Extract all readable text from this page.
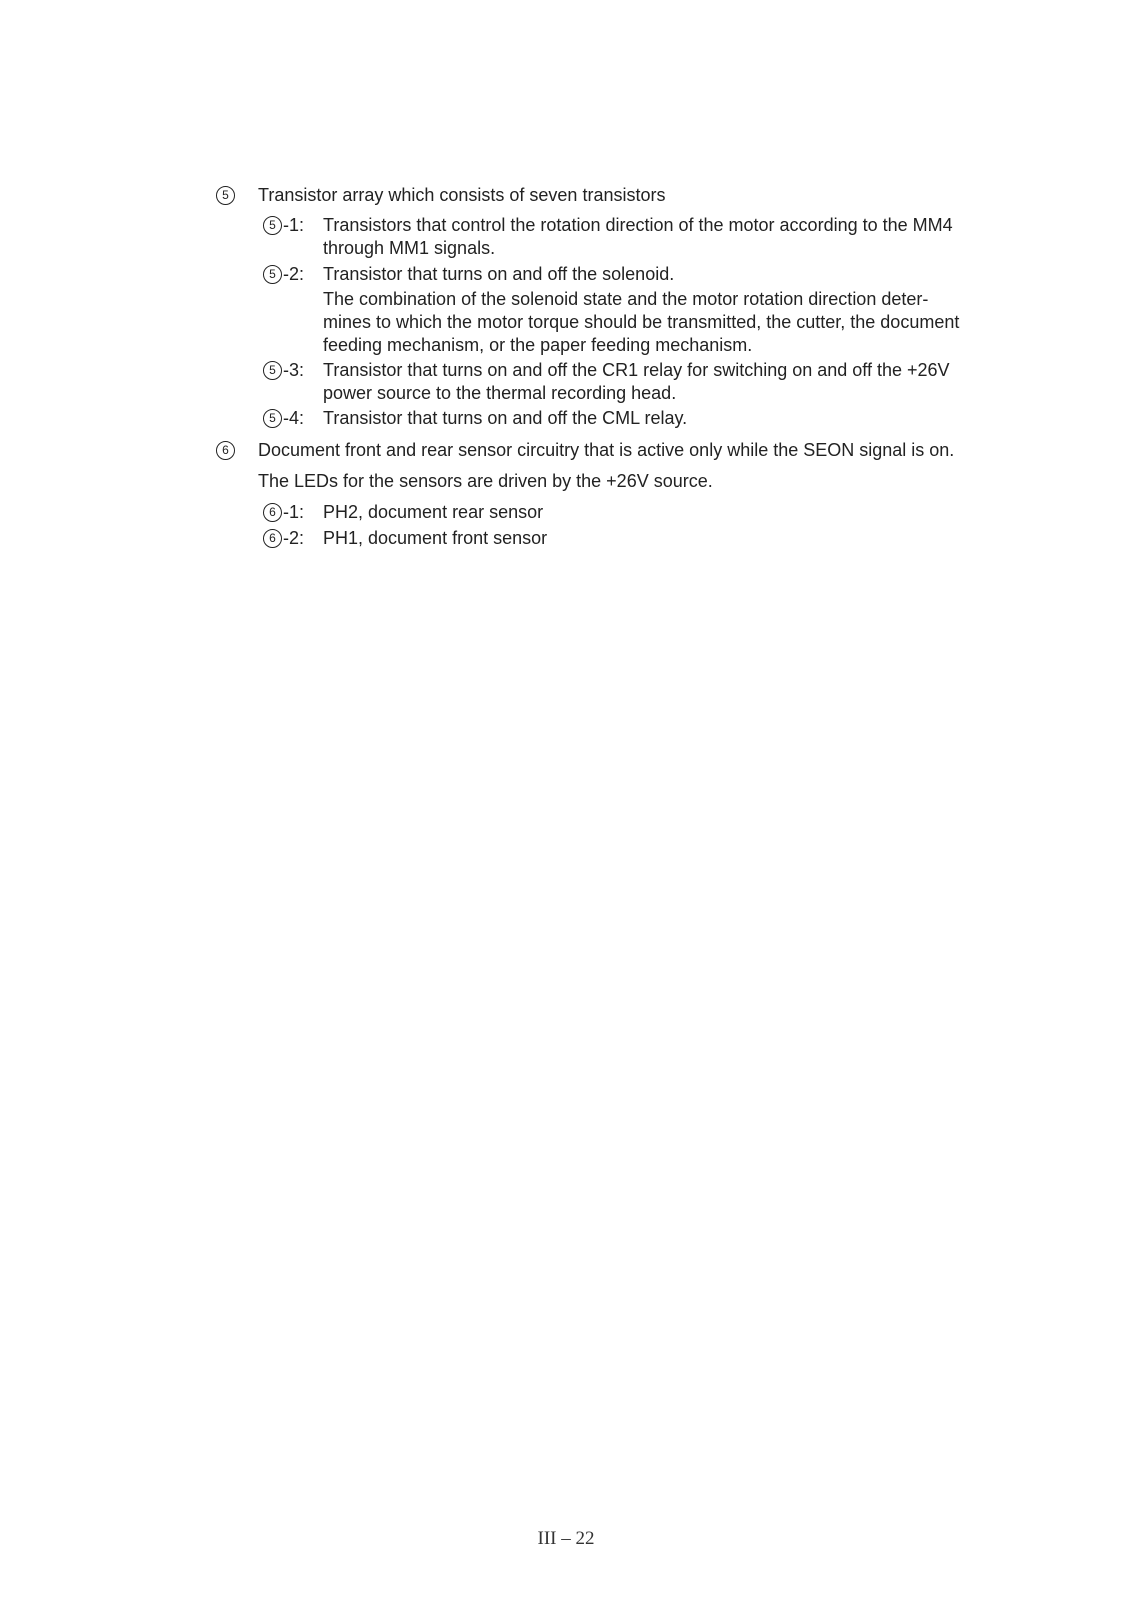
5	Transistor array which consists of seven transistors
5 -1: Transistors that control the rotation direction of the motor according to the MM4
through MM1 signals.
5 -2: Transistor that turns on and off the solenoid.
The combination of the solenoid state and the motor rotation direction deter-
mines to which the motor torque should be transmitted, the cutter, the document
feeding mechanism, or the paper feeding mechanism.
5 -3: Transistor that turns on and off the CR1 relay for switching on and off the +26V
power source to the thermal recording head.
5 -4: Transistor that turns on and off the CML relay.
6	Document front and rear sensor circuitry that is active only while the SEON signal is on.
The LEDs for the sensors are driven by the +26V source.
6 -1: PH2, document rear sensor
6 -2: PH1, document front sensor
III – 22
